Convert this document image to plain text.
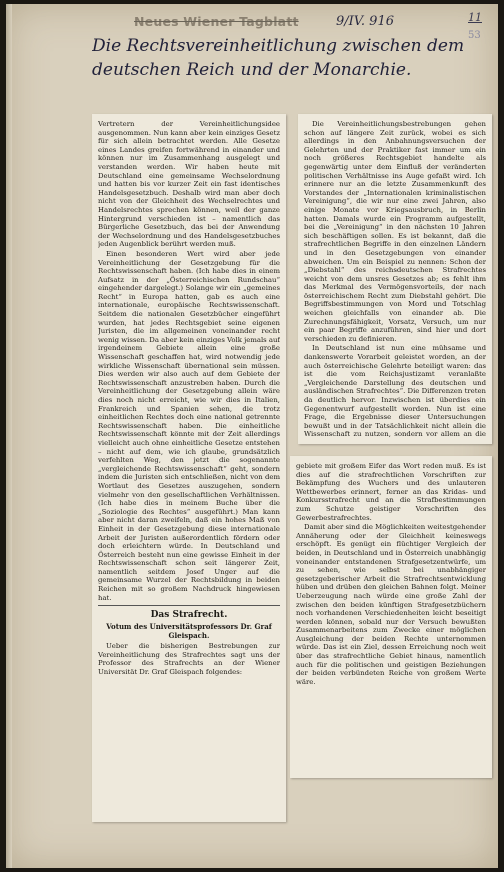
Neues Wiener Tagblatt	9/IV. 916	11
53
Die Rechtsvereinheitlichung zwischen dem deutschen Reich und der Monarchie.

Vertretern der Vereinheitlichungsidee ausgenommen. Nun kann aber kein einziges Gesetz für sich allein betrachtet werden. Alle Gesetze eines Landes greifen fortwährend in einander und können nur im Zusammenhang ausgelegt und verstanden werden. Wir haben heute mit Deutschland eine gemeinsame Wechselordnung und hatten bis vor kurzer Zeit ein fast identisches Handelsgesetzbuch. Deshalb wird man aber doch nicht von der Gleichheit des Wechselrechtes und Handelsrechtes sprechen können, weil der ganze Hintergrund verschieden ist – namentlich das Bürgerliche Gesetzbuch, das bei der Anwendung der Wechselordnung und des Handelsgesetzbuches jeden Augenblick berührt werden muß.

Einen besonderen Wert wird aber jede Vereinheitlichung der Gesetzgebung für die Rechtswissenschaft haben. (Ich habe dies in einem Aufsatz in der „Österreichischen Rundschau“ eingehender dargelegt.) Solange wir ein „gemeines Recht“ in Europa hatten, gab es auch eine internationale, europäische Rechtswissenschaft. Seitdem die nationalen Gesetzbücher eingeführt wurden, hat jedes Rechtsgebiet seine eigenen Juristen, die im allgemeinen voneinander recht wenig wissen. Da aber kein einziges Volk jemals auf irgendeinem Gebiete allein eine große Wissenschaft geschaffen hat, wird notwendig jede wirkliche Wissenschaft übernational sein müssen. Dies werden wir also auch auf dem Gebiete der Rechtswissenschaft anzustreben haben. Durch die Vereinheitlichung der Gesetzgebung allein wäre dies noch nicht erreicht, wie wir dies in Italien, Frankreich und Spanien sehen, die trotz einheitlichen Rechtes doch eine national getrennte Rechtswissenschaft haben. Die einheitliche Rechtswissenschaft könnte mit der Zeit allerdings vielleicht auch ohne einheitliche Gesetze entstehen – nicht auf dem, wie ich glaube, grundsätzlich verfehlten Weg, den jetzt die sogenannte „vergleichende Rechtswissenschaft“ geht, sondern indem die Juristen sich entschließen, nicht von dem Wortlaut des Gesetzes auszugehen, sondern vielmehr von den gesellschaftlichen Verhältnissen. (Ich habe dies in meinem Buche über die „Soziologie des Rechtes“ ausgeführt.) Man kann aber nicht daran zweifeln, daß ein hohes Maß von Einheit in der Gesetzgebung diese internationale Arbeit der Juristen außerordentlich fördern oder doch erleichtern würde. In Deutschland und Österreich besteht nun eine gewisse Einheit in der Rechtswissenschaft schon seit längerer Zeit, namentlich seitdem Josef Unger auf die gemeinsame Wurzel der Rechtsbildung in beiden Reichen mit so großem Nachdruck hingewiesen hat.

Das Strafrecht.
Votum des Universitätsprofessors Dr. Graf Gleispach.

Ueber die bisherigen Bestrebungen zur Vereinheitlichung des Strafrechtes sagt uns der Professor des Strafrechts an der Wiener Universität Dr. Graf Gleispach folgendes:

Die Vereinheitlichungsbestrebungen gehen schon auf längere Zeit zurück, wobei es sich allerdings in den Anbahnungsversuchen der Gelehrten und der Praktiker fast immer um ein noch größeres Rechtsgebiet handelte als gegenwärtig unter dem Einfluß der veränderten politischen Verhältnisse ins Auge gefaßt wird. Ich erinnere nur an die letzte Zusammenkunft des Vorstandes der „Internationalen kriminalistischen Vereinigung“, die wir nur eine zwei Jahren, also einige Monate vor Kriegsausbruch, in Berlin hatten. Damals wurde ein Programm aufgestellt, bei die „Vereinigung“ in den nächsten 10 Jahren sich beschäftigen sollen. Es ist bekannt, daß die strafrechtlichen Begriffe in den einzelnen Ländern und in den Gesetzgebungen von einander abweichen. Um ein Beispiel zu nennen: Schon der „Diebstahl“ des reichsdeutschen Strafrechtes weicht von dem unsres Gesetzes ab; es fehlt ihm das Merkmal des Vermögensvorteils, der nach österreichischem Recht zum Diebstahl gehört. Die Begriffsbestimmungen von Mord und Totschlag weichen gleichfalls von einander ab. Die Zurechnungsfähigkeit, Vorsatz, Versuch, um nur ein paar Begriffe anzuführen, sind hier und dort verschieden zu definieren.

In Deutschland ist nun eine mühsame und dankenswerte Vorarbeit geleistet worden, an der auch österreichische Gelehrte beteiligt waren: das ist die vom Reichsjustizamt veranlaßte „Vergleichende Darstellung des deutschen und ausländischen Strafrechtes“. Die Differenzen treten da deutlich hervor. Inzwischen ist überdies ein Gegenentwurf aufgestellt worden. Nun ist eine Frage, die Ergebnisse dieser Untersuchungen bewußt und in der Tatsächlichkeit nicht allein die Wissenschaft zu nutzen, sondern vor allem an die

gebiete mit großem Eifer das Wort reden muß. Es ist dies auf die strafrechtlichen Vorschriften zur Bekämpfung des Wuchers und des unlauteren Wettbewerbes erinnert, ferner an das Kridas- und Konkursstrafrecht und an die Strafbestimmungen zum Schutze geistiger Vorschriften des Gewerbestrafrechtes.

Damit aber sind die Möglichkeiten weitestgehender Annäherung oder der Gleichheit keineswegs erschöpft. Es genügt ein flüchtiger Vergleich der beiden, in Deutschland und in Österreich unabhängig voneinander entstandenen Strafgesetzentwürfe, um zu sehen, wie selbst bei unabhängiger gesetzgeberischer Arbeit die Strafrechtsentwicklung hüben und drüben den gleichen Bahnen folgt. Meiner Ueberzeugung nach würde eine große Zahl der zwischen den beiden künftigen Strafgesetzbüchern noch vorhandenen Verschiedenheiten leicht beseitigt werden können, sobald nur der Versuch bewußten Zusammenarbeitens zum Zwecke einer möglichen Ausgleichung der beiden Rechte unternommen würde. Das ist ein Ziel, dessen Erreichung noch weit über das strafrechtliche Gebiet hinaus, namentlich auch für die politischen und geistigen Beziehungen der beiden verbündeten Reiche von großem Werte wäre.
